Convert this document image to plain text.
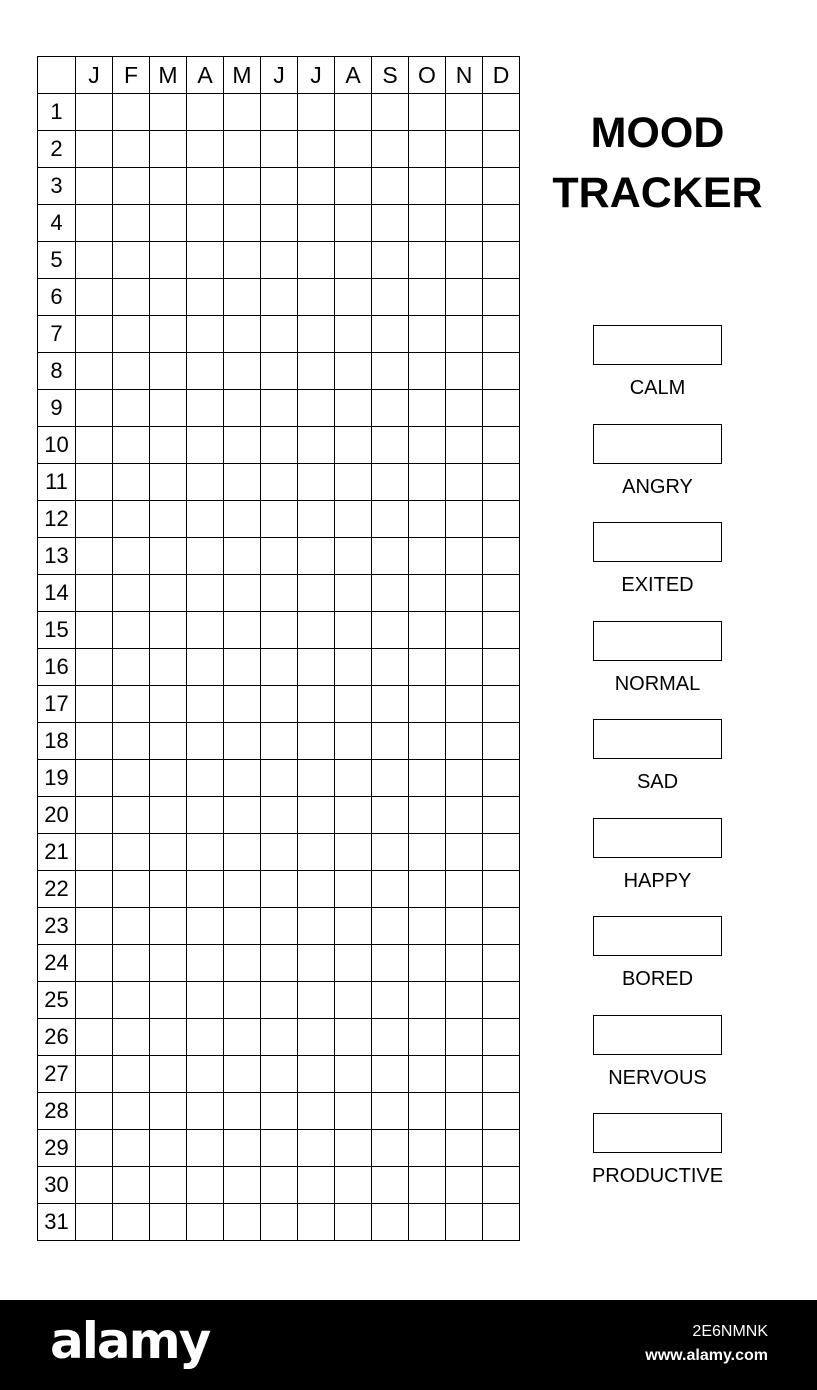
	J	F	M	A	M	J	J	A	S	O	N	D
1												
2												
3												
4												
5												
6												
7												
8												
9												
10												
11												
12												
13												
14												
15												
16												
17												
18												
19												
20												
21												
22												
23												
24												
25												
26												
27												
28												
29												
30												
31												
MOOD
TRACKER
CALM
ANGRY
EXITED
NORMAL
SAD
HAPPY
BORED
NERVOUS
PRODUCTIVE
alamy	2E6NMNK
www.alamy.com
